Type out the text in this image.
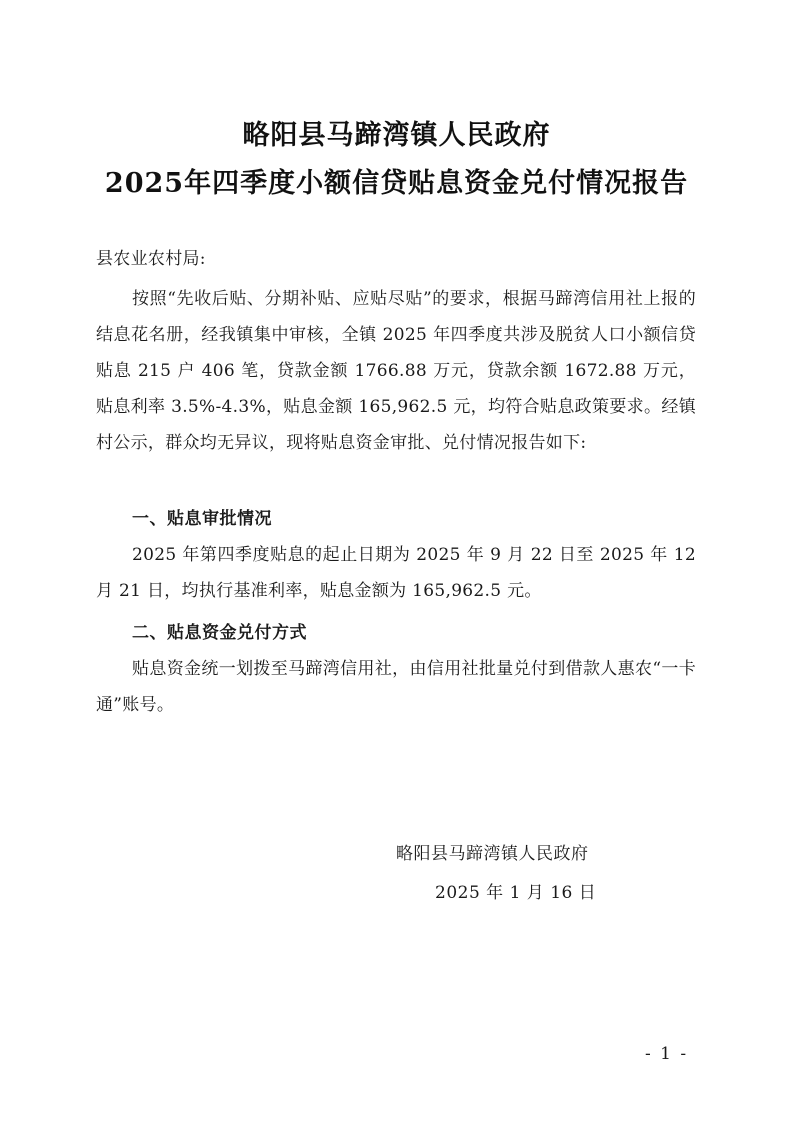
略阳县马蹄湾镇人民政府
2025年四季度小额信贷贴息资金兑付情况报告
县农业农村局:
按照“先收后贴、分期补贴、应贴尽贴”的要求，根据马蹄湾信用社上报的结息花名册，经我镇集中审核，全镇 2025 年四季度共涉及脱贫人口小额信贷贴息 215 户 406 笔，贷款金额 1766.88 万元，贷款余额 1672.88 万元，贴息利率 3.5%-4.3%，贴息金额 165,962.5 元，均符合贴息政策要求。经镇村公示，群众均无异议，现将贴息资金审批、兑付情况报告如下:
一、贴息审批情况
2025 年第四季度贴息的起止日期为 2025 年 9 月 22 日至 2025 年 12 月 21 日，均执行基准利率，贴息金额为 165,962.5 元。
二、贴息资金兑付方式
贴息资金统一划拨至马蹄湾信用社，由信用社批量兑付到借款人惠农“一卡通”账号。
略阳县马蹄湾镇人民政府
2025 年 1 月 16 日
- 1 -
